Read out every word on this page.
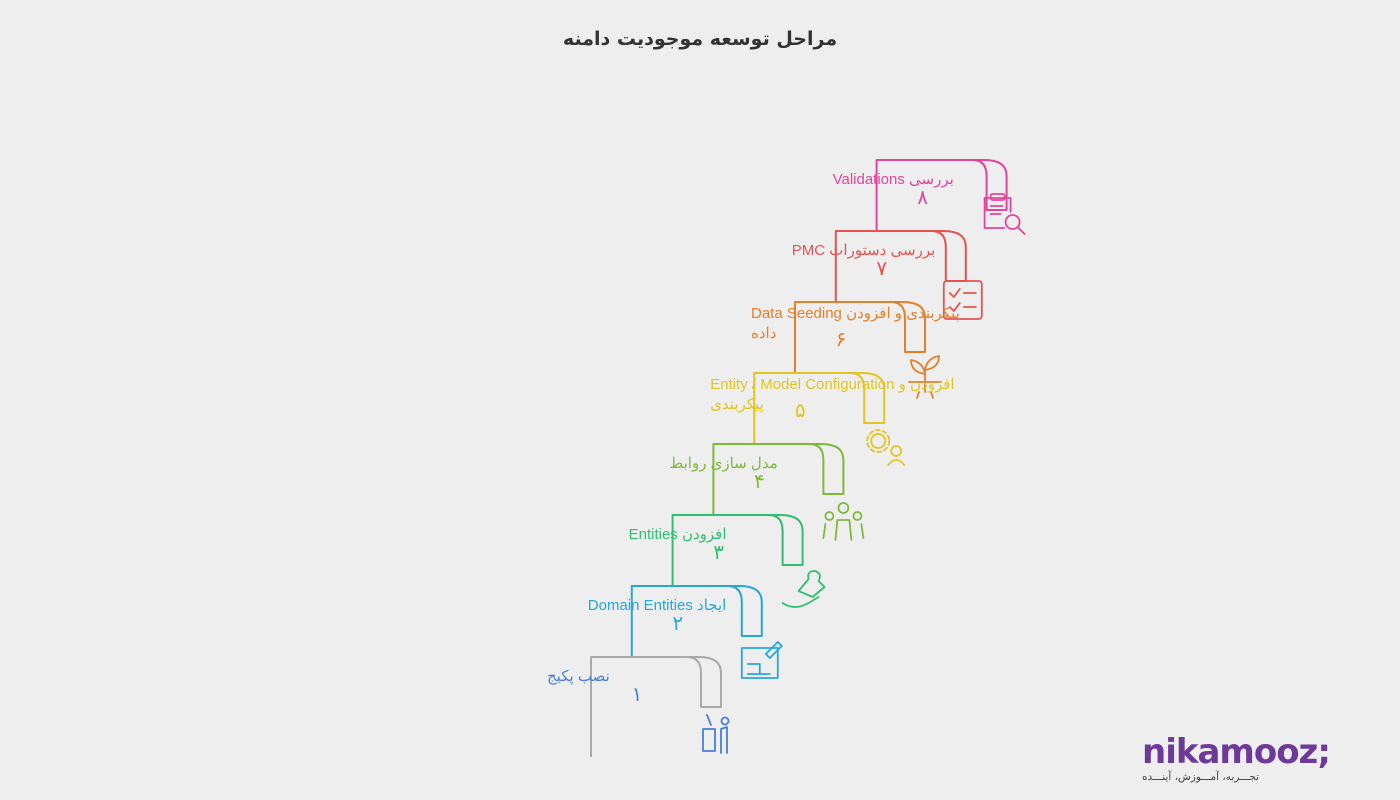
مراحل توسعه موجودیت دامنه
۸
بررسی Validations
۷
بررسی دستورات PMC
۶
پیکربندی و افزودن Data Seeding
داده
۵
افزودن و Entity / Model Configuration
پیکربندی
۴
مدل سازی روابط
۳
افزودن Entities
۲
ایجاد Domain Entities
۱
نصب پکیج
nikamooz;
تجـــربه، آمـــوزش، آینـــده
